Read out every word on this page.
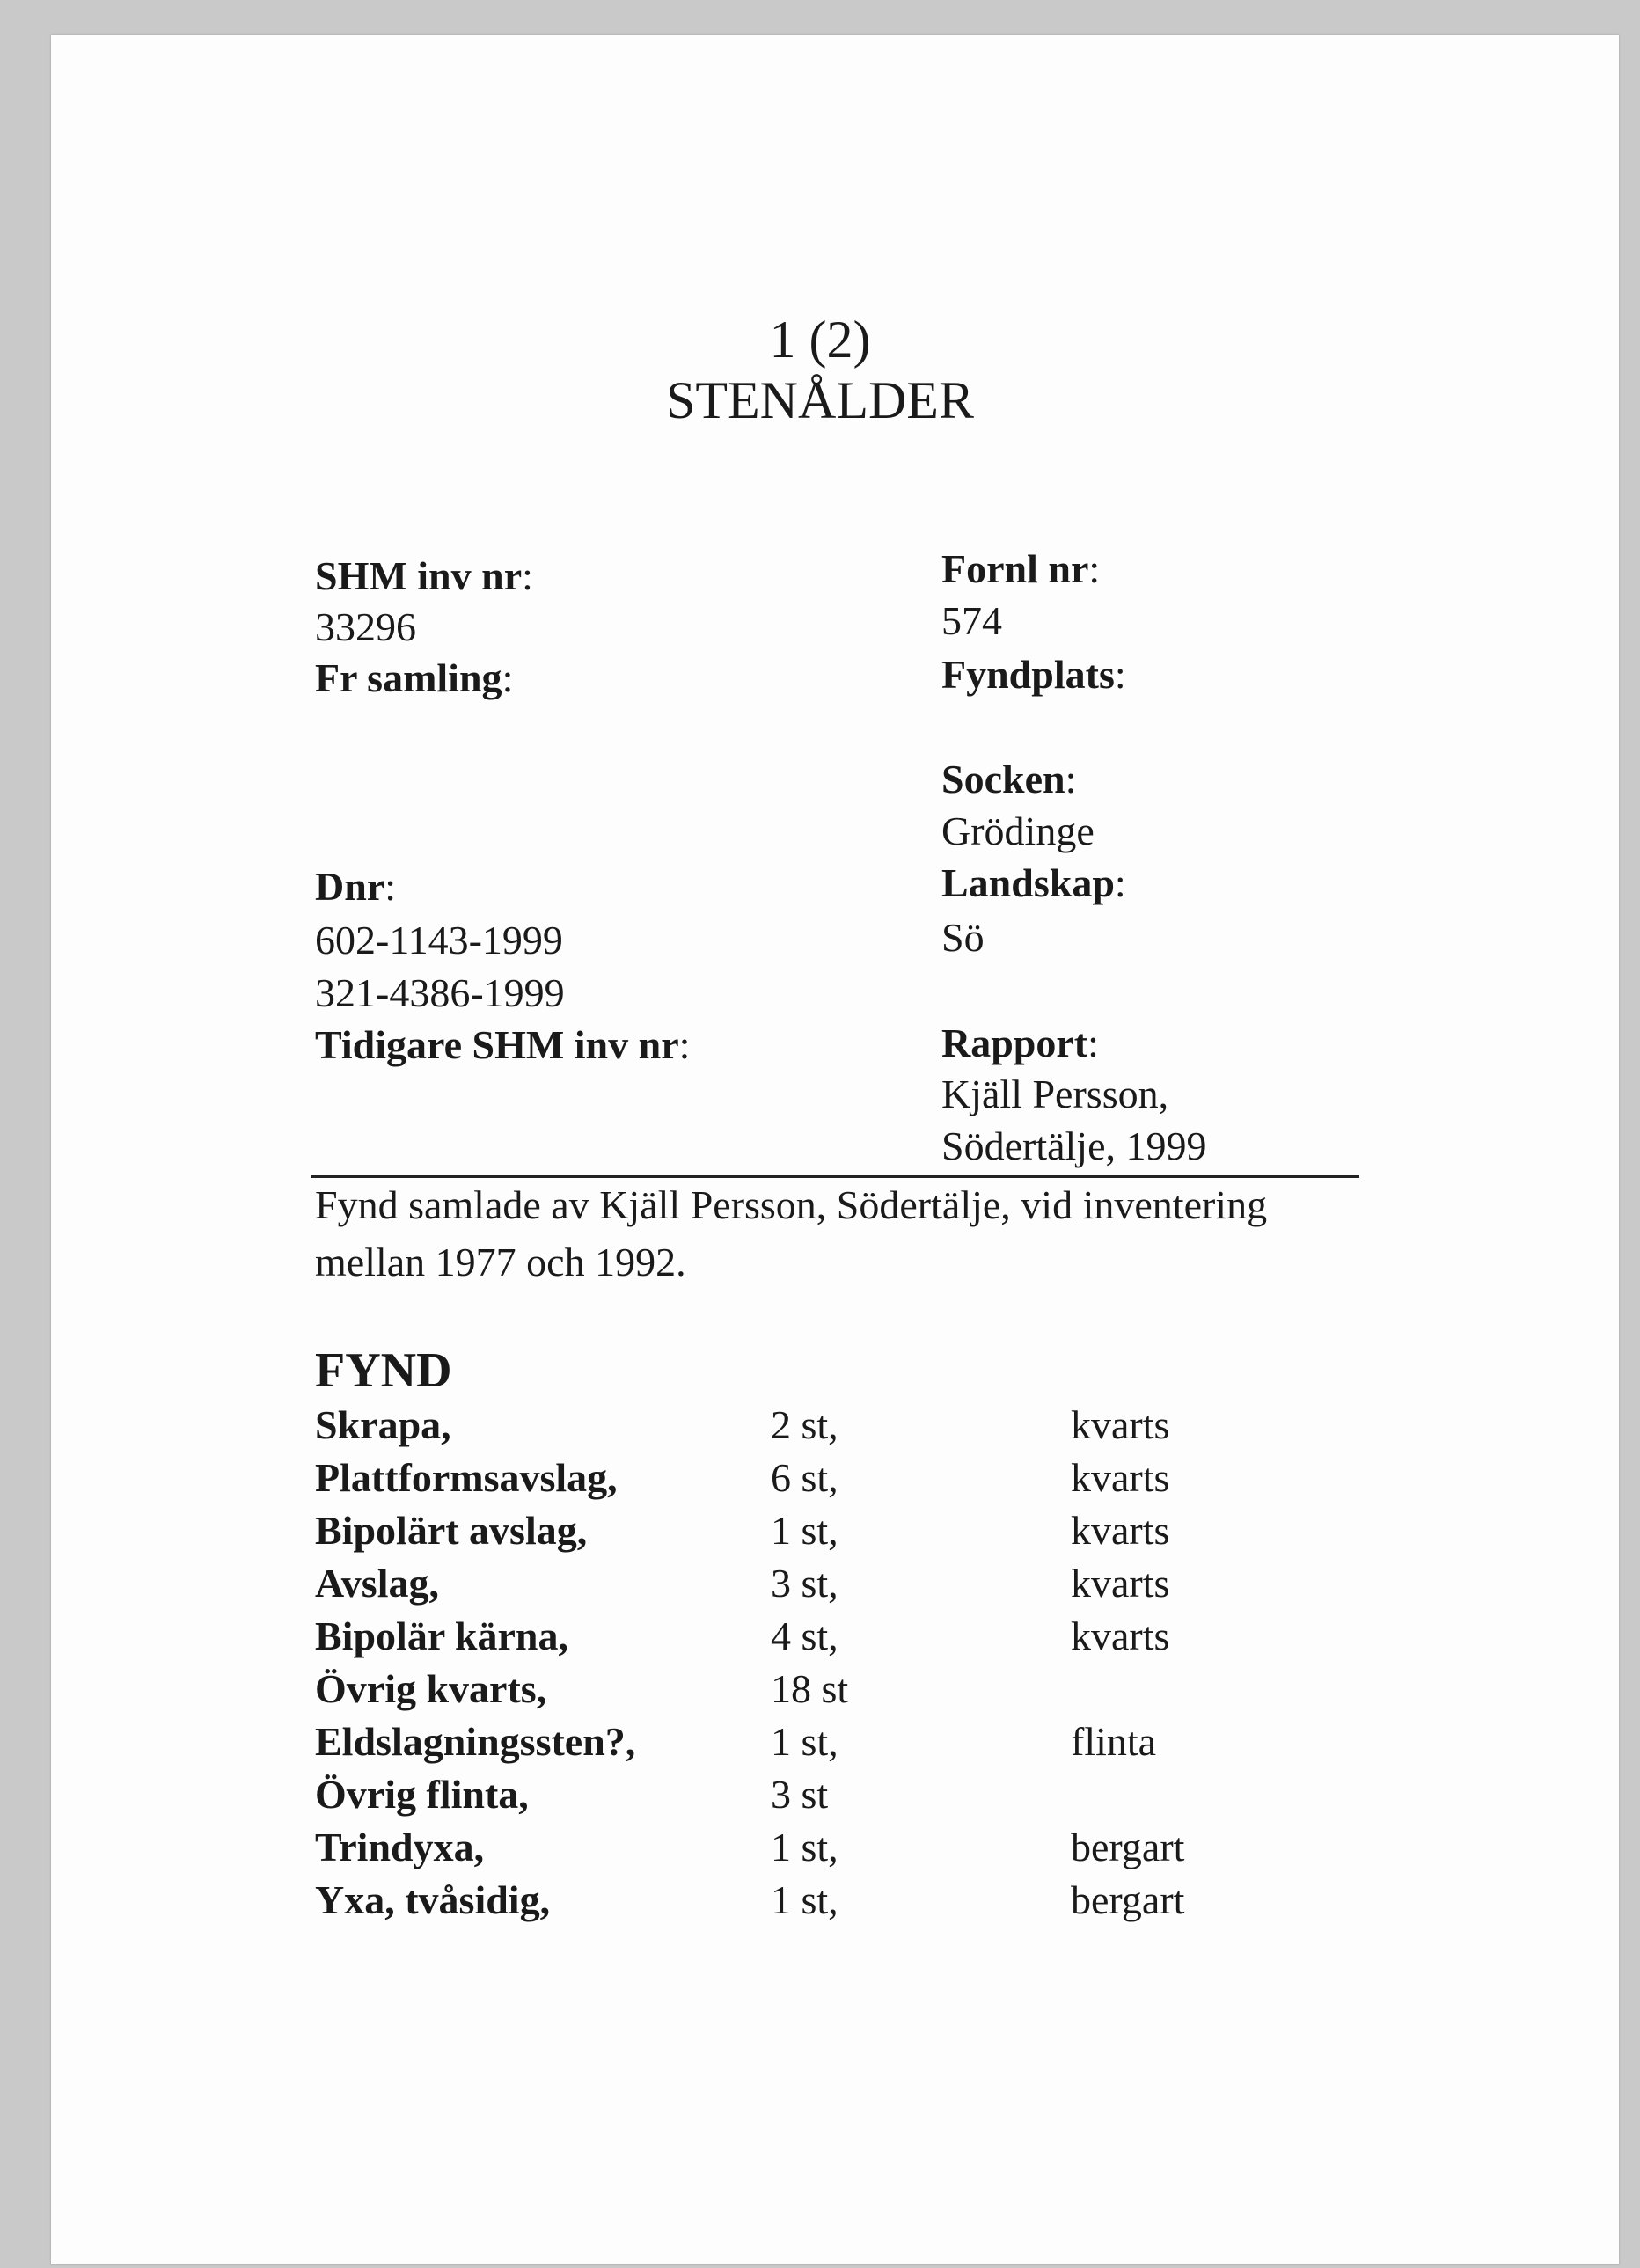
1 (2)
STENÅLDER
SHM inv nr:
33296
Fr samling:
Dnr:
602-1143-1999
321-4386-1999
Tidigare SHM inv nr:
Fornl nr:
574
Fyndplats:
Socken:
Grödinge
Landskap:
Sö
Rapport:
Kjäll Persson,
Södertälje, 1999
Fynd samlade av Kjäll Persson, Södertälje, vid inventering
mellan 1977 och 1992.
FYND
Skrapa,	2 st,	kvarts
Plattformsavslag,	6 st,	kvarts
Bipolärt avslag,	1 st,	kvarts
Avslag,	3 st,	kvarts
Bipolär kärna,	4 st,	kvarts
Övrig kvarts,	18 st
Eldslagningssten?,	1 st,	flinta
Övrig flinta,	3 st
Trindyxa,	1 st,	bergart
Yxa, tvåsidig,	1 st,	bergart
